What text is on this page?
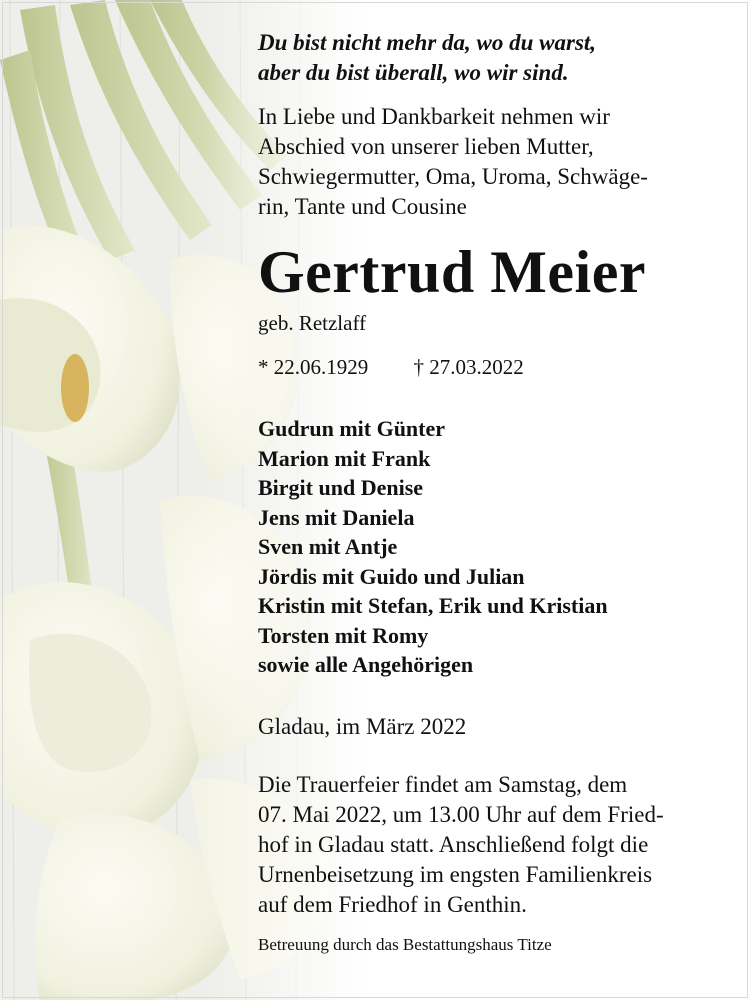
Du bist nicht mehr da, wo du warst,
aber du bist überall, wo wir sind.

In Liebe und Dankbarkeit nehmen wir
Abschied von unserer lieben Mutter,
Schwiegermutter, Oma, Uroma, Schwäge-
rin, Tante und Cousine

Gertrud Meier

geb. Retzlaff

* 22.06.1929 † 27.03.2022

Gudrun mit Günter
Marion mit Frank
Birgit und Denise
Jens mit Daniela
Sven mit Antje
Jördis mit Guido und Julian
Kristin mit Stefan, Erik und Kristian
Torsten mit Romy
sowie alle Angehörigen

Gladau, im März 2022

Die Trauerfeier findet am Samstag, dem
07. Mai 2022, um 13.00 Uhr auf dem Fried-
hof in Gladau statt. Anschließend folgt die
Urnenbeisetzung im engsten Familienkreis
auf dem Friedhof in Genthin.

Betreuung durch das Bestattungshaus Titze
